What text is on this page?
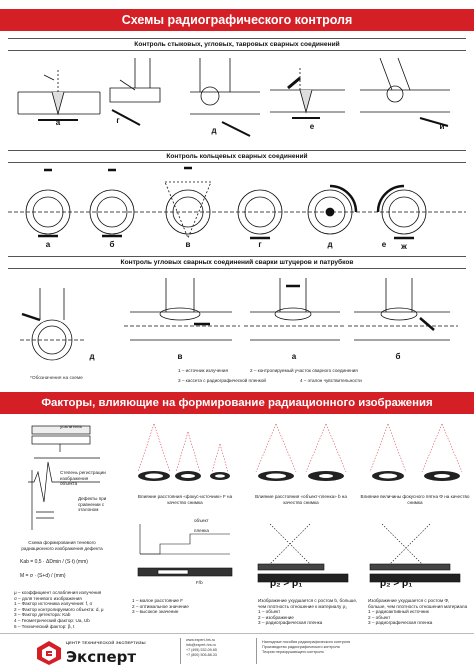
Схемы радиографического контроля
Контроль стыковых, угловых, тавровых сварных соединений
а	г
д	е	и
Контроль кольцевых сварных соединений
а	б	в	г	д	е	ж
Контроль угловых сварных соединений сварки штуцеров и патрубков
д	в	а	б
*Обозначения на схеме
1 – источник излучения	2 – контролируемый участок сварного соединения
3 – кассета с радиографической пленкой	4 – эталон чувствительности
Факторы, влияющие на формирование радиационного изображения
усилитель
Степень регистрации изображения объекта
Дефекты при сравнении с эталоном
Схема формирования теневого радиационного изображения дефекта
Kab = 0,5 · ΔDmin / (S·t) (mm)
M = σ · (S+d) / (mm)
μ – коэффициент ослабления излучения
σ – доля теневого изображения
1 – Фактор источника излучения: f, σ
2 – Фактор контролируемого объекта: d, μ
3 – Фактор детектора: Kab
4 – Геометрический фактор: Ua, Ub
5 – Технический фактор: β, t
Влияние расстояния «фокус-источник» F на качество снимка
Влияние расстояния «объект-пленка» b на качество снимка
Влияние величины фокусного пятна Φ на качество снимка
объект
пленка
F/b	ρ₂ > ρ₁	ρ₂ > ρ₁
1 – малое расстояние F
2 – оптимальное значение
3 – высокое значение
Изображение ухудшается с ростом b, больше, чем плотность отношение к материалу ρ₁
1 – объект
2 – изображение
3 – радиографическая пленка
Изображение ухудшается с ростом Φ, больше, чем плотность отношения материала
1 – радиоактивный источник
2 – объект
3 – радиографическая пленка
ЦЕНТР ТЕХНИЧЕСКОЙ ЭКСПЕРТИЗЫ
Эксперт
www.expert-hrs.ru
info@expert-hrs.ru
+7 (495) 532-09-65
+7 (800) 505-88-33
Наглядные пособия радиографического контроля
Производство радиографического контроля
Теория неразрушающего контроля
